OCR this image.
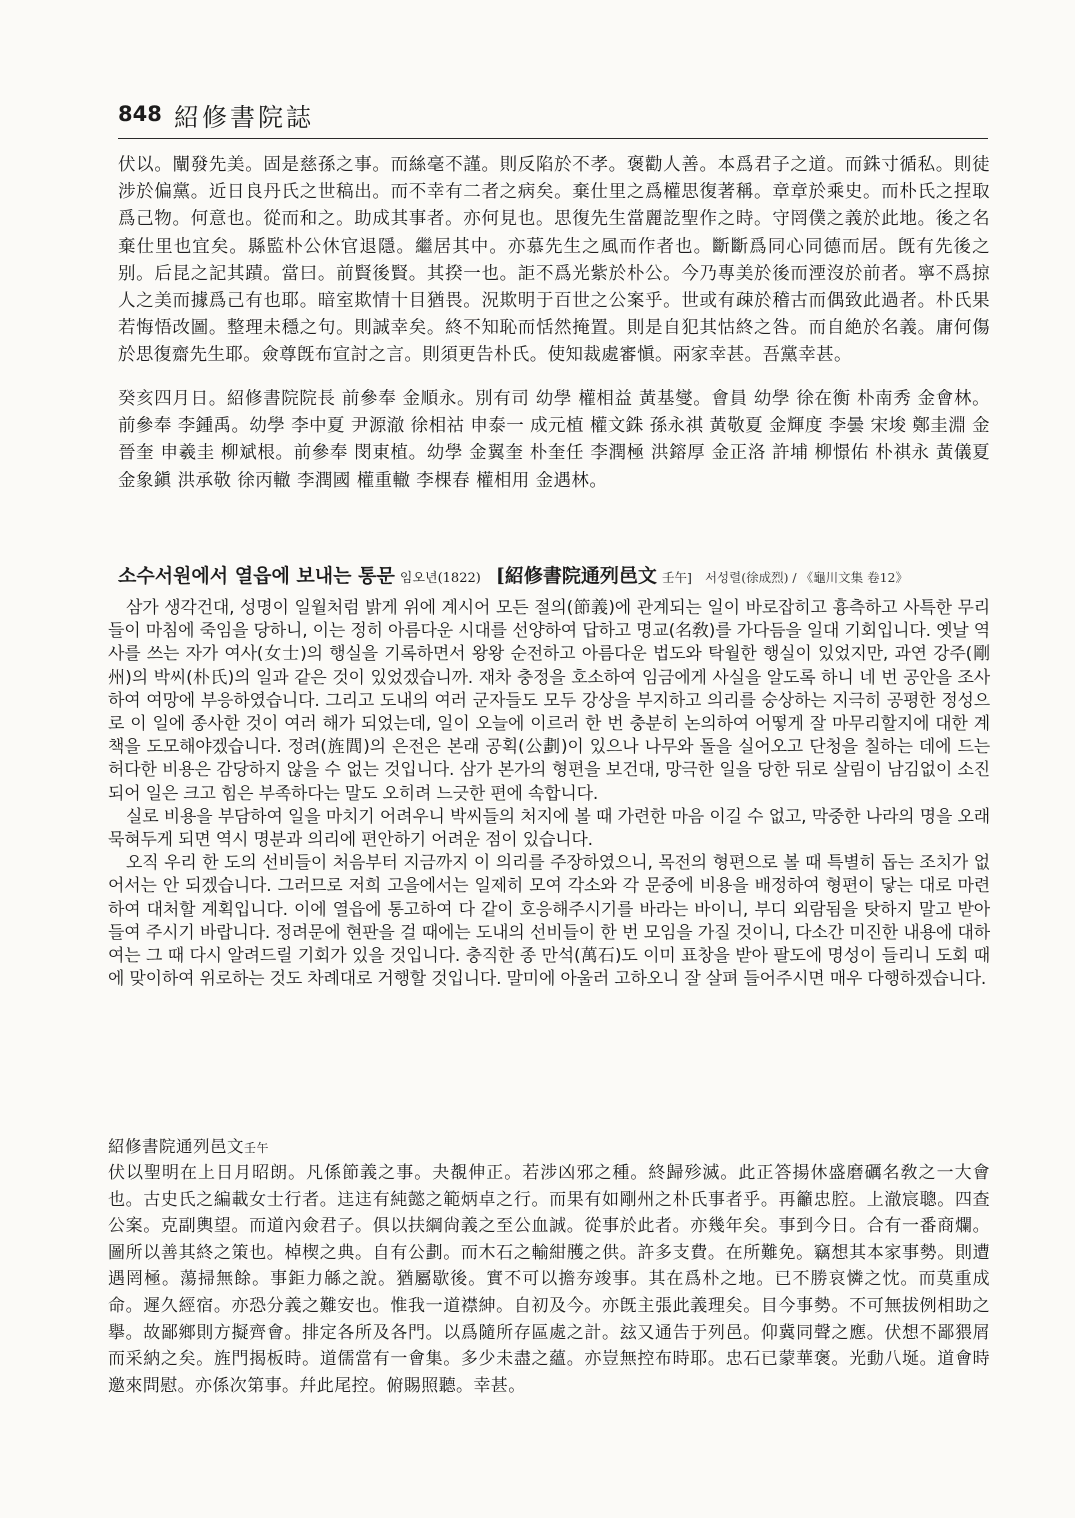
848 紹修書院誌

伏以。闡發先美。固是慈孫之事。而絲毫不謹。則反陷於不孝。褒勸人善。本爲君子之道。而銖寸循私。則徒涉於偏黨。近日良丹氏之世稿出。而不幸有二者之病矣。棄仕里之爲權思復著稱。章章於乘史。而朴氏之捏取爲己物。何意也。從而和之。助成其事者。亦何見也。思復先生當麗訖聖作之時。守罔僕之義於此地。後之名棄仕里也宜矣。縣監朴公休官退隱。繼居其中。亦慕先生之風而作者也。斷斷爲同心同德而居。旣有先後之别。后昆之記其蹟。當曰。前賢後賢。其揆一也。詎不爲光紫於朴公。今乃專美於後而湮沒於前者。寧不爲掠人之美而據爲己有也耶。暗室欺情十目猶畏。況欺明于百世之公案乎。世或有疎於稽古而偶致此過者。朴氏果若悔悟改圖。整理未穩之句。則誠幸矣。終不知恥而恬然掩置。則是自犯其怙終之咎。而自絶於名義。庸何傷於思復齋先生耶。僉尊旣布宣討之言。則須更告朴氏。使知裁處審愼。兩家幸甚。吾黨幸甚。

癸亥四月日。紹修書院院長 前參奉 金順永。別有司 幼學 權相益 黃基燮。會員 幼學 徐在衡 朴南秀 金會林。前參奉 李鍾禹。幼學 李中夏 尹源澈 徐相祜 申泰一 成元植 權文銖 孫永祺 黃敬夏 金輝度 李曇 宋埈 鄭圭淵 金晉奎 申羲圭 柳斌根。前參奉 閔東植。幼學 金翼奎 朴奎任 李潤極 洪鎔厚 金正洛 許埔 柳憬佑 朴祺永 黃儀夏 金象鎭 洪承敬 徐丙轍 李潤國 權重轍 李棵春 權相用 金遇林。

소수서원에서 열읍에 보내는 통문 임오년(1822) [紹修書院通列邑文 壬午] 서성렬(徐成烈) / 《龜川文集 卷12》

삼가 생각건대, 성명이 일월처럼 밝게 위에 계시어 모든 절의(節義)에 관계되는 일이 바로잡히고 흉측하고 사특한 무리들이 마침에 죽임을 당하니, 이는 정히 아름다운 시대를 선양하여 답하고 명교(名敎)를 가다듬을 일대 기회입니다. 옛날 역사를 쓰는 자가 여사(女士)의 행실을 기록하면서 왕왕 순전하고 아름다운 법도와 탁월한 행실이 있었지만, 과연 강주(剛州)의 박씨(朴氏)의 일과 같은 것이 있었겠습니까. 재차 충정을 호소하여 임금에게 사실을 알도록 하니 네 번 공안을 조사하여 여망에 부응하였습니다. 그리고 도내의 여러 군자들도 모두 강상을 부지하고 의리를 숭상하는 지극히 공평한 정성으로 이 일에 종사한 것이 여러 해가 되었는데, 일이 오늘에 이르러 한 번 충분히 논의하여 어떻게 잘 마무리할지에 대한 계책을 도모해야겠습니다. 정려(旌閭)의 은전은 본래 공획(公劃)이 있으나 나무와 돌을 실어오고 단청을 칠하는 데에 드는 허다한 비용은 감당하지 않을 수 없는 것입니다. 삼가 본가의 형편을 보건대, 망극한 일을 당한 뒤로 살림이 남김없이 소진되어 일은 크고 힘은 부족하다는 말도 오히려 느긋한 편에 속합니다.

실로 비용을 부담하여 일을 마치기 어려우니 박씨들의 처지에 볼 때 가련한 마음 이길 수 없고, 막중한 나라의 명을 오래 묵혀두게 되면 역시 명분과 의리에 편안하기 어려운 점이 있습니다.

오직 우리 한 도의 선비들이 처음부터 지금까지 이 의리를 주장하였으니, 목전의 형편으로 볼 때 특별히 돕는 조치가 없어서는 안 되겠습니다. 그러므로 저희 고을에서는 일제히 모여 각소와 각 문중에 비용을 배정하여 형편이 닿는 대로 마련하여 대처할 계획입니다. 이에 열읍에 통고하여 다 같이 호응해주시기를 바라는 바이니, 부디 외람됨을 탓하지 말고 받아들여 주시기 바랍니다. 정려문에 현판을 걸 때에는 도내의 선비들이 한 번 모임을 가질 것이니, 다소간 미진한 내용에 대하여는 그 때 다시 알려드릴 기회가 있을 것입니다. 충직한 종 만석(萬石)도 이미 표창을 받아 팔도에 명성이 들리니 도회 때에 맞이하여 위로하는 것도 차례대로 거행할 것입니다. 말미에 아울러 고하오니 잘 살펴 들어주시면 매우 다행하겠습니다.

紹修書院通列邑文壬午

伏以聖明在上日月昭朗。凡係節義之事。夬覩伸正。若涉凶邪之種。終歸殄滅。此正答揚休盛磨礪名敎之一大會也。古史氏之編載女士行者。迬迬有純懿之範炳卓之行。而果有如剛州之朴氏事者乎。再籲忠腔。上澈宸聰。四查公案。克副輿望。而道內僉君子。俱以扶綱尙義之至公血誠。從事於此者。亦幾年矣。事到今日。合有一番商爛。圖所以善其終之策也。棹楔之典。自有公劃。而木石之輸紺雘之供。許多支費。在所難免。竊想其本家事勢。則遭遇罔極。蕩掃無餘。事鉅力緜之說。猶屬歇後。實不可以擔夯竣事。其在爲朴之地。已不勝哀憐之忱。而莫重成命。遲久經宿。亦恐分義之難安也。惟我一道襟紳。自初及今。亦旣主張此義理矣。目今事勢。不可無拔例相助之擧。故鄙鄉則方擬齊會。排定各所及各門。以爲隨所存區處之計。玆又通告于列邑。仰冀同聲之應。伏想不鄙猥屑而采納之矣。旌門揭板時。道儒當有一會集。多少未盡之蘊。亦豈無控布時耶。忠石已蒙華褒。光動八埏。道會時邀來問慰。亦係次第事。幷此尾控。俯賜照聽。幸甚。
